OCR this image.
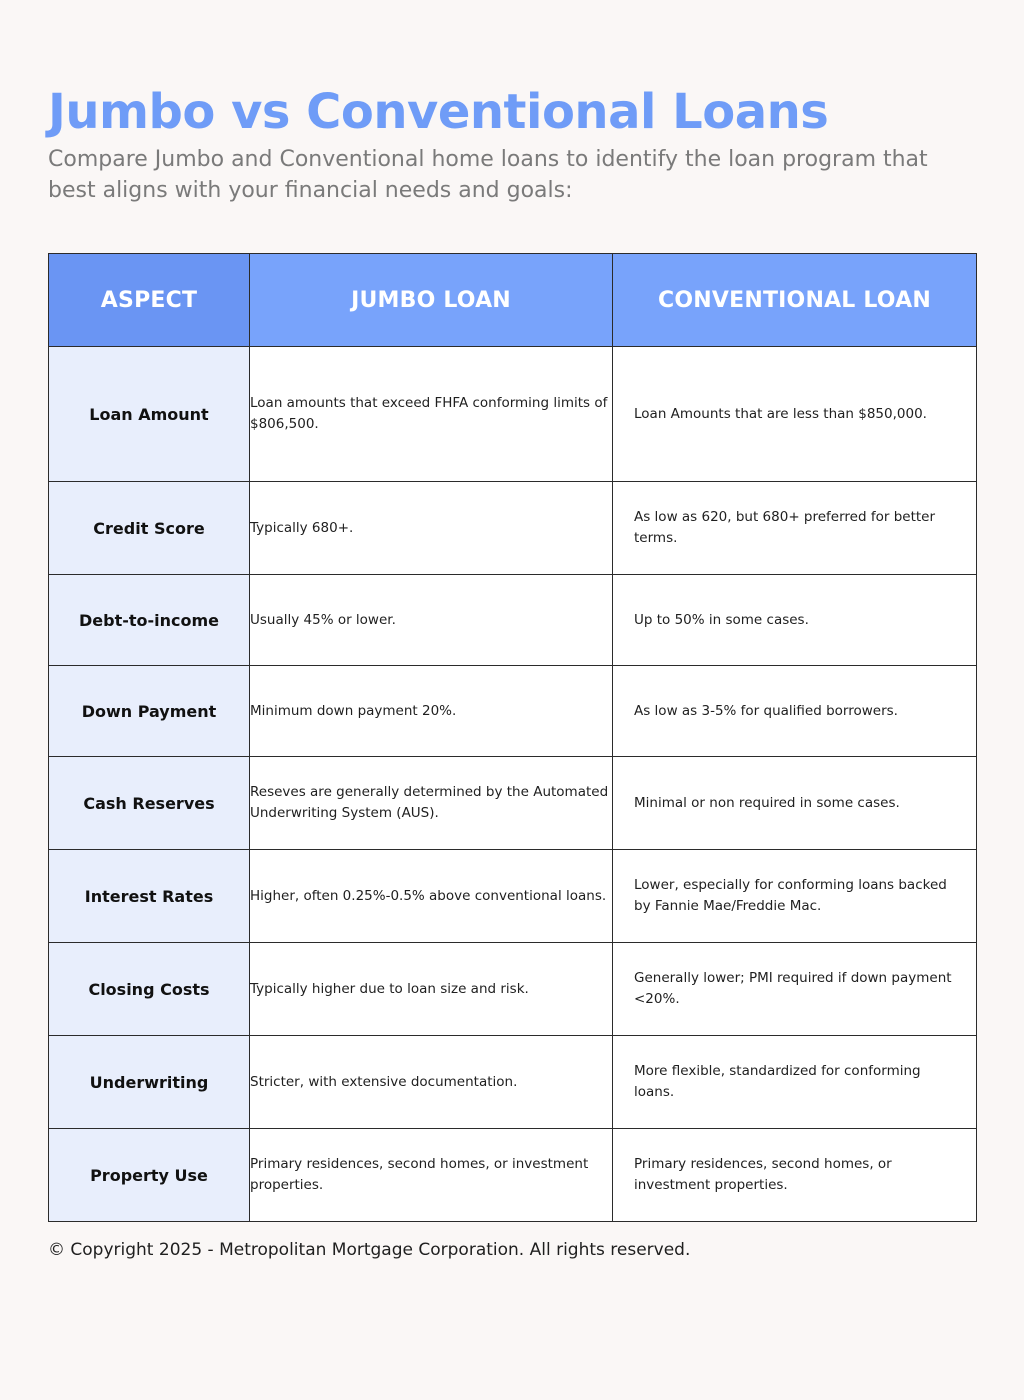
Jumbo vs Conventional Loans

Compare Jumbo and Conventional home loans to identify the loan program that best aligns with your financial needs and goals:

ASPECT	JUMBO LOAN	CONVENTIONAL LOAN
Loan Amount	Loan amounts that exceed FHFA conforming limits of $806,500.	Loan Amounts that are less than $850,000.
Credit Score	Typically 680+.	As low as 620, but 680+ preferred for better terms.
Debt-to-income	Usually 45% or lower.	Up to 50% in some cases.
Down Payment	Minimum down payment 20%.	As low as 3-5% for qualified borrowers.
Cash Reserves	Reseves are generally determined by the Automated Underwriting System (AUS).	Minimal or non required in some cases.
Interest Rates	Higher, often 0.25%-0.5% above conventional loans.	Lower, especially for conforming loans backed by Fannie Mae/Freddie Mac.
Closing Costs	Typically higher due to loan size and risk.	Generally lower; PMI required if down payment <20%.
Underwriting	Stricter, with extensive documentation.	More flexible, standardized for conforming loans.
Property Use	Primary residences, second homes, or investment properties.	Primary residences, second homes, or investment properties.

© Copyright 2025 - Metropolitan Mortgage Corporation. All rights reserved.
